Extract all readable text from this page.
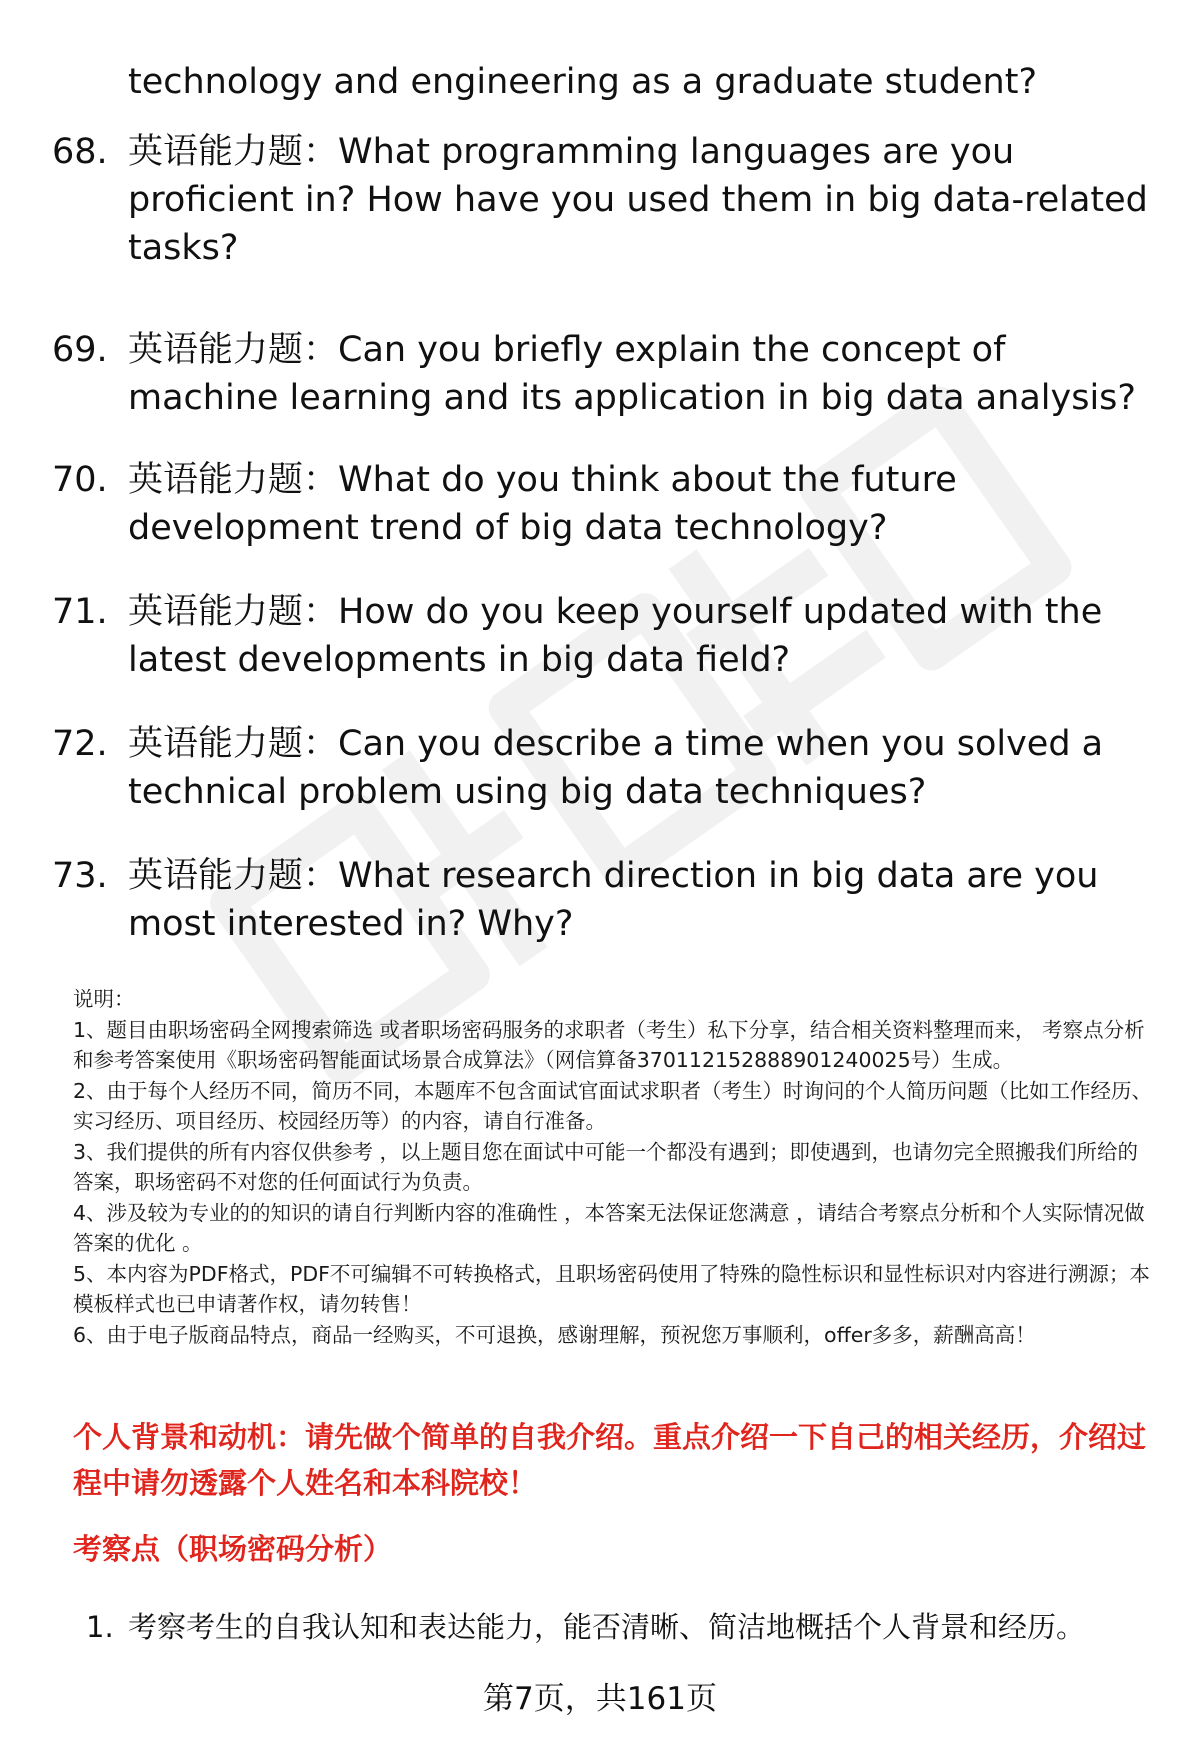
technology and engineering as a graduate student?

68. 英语能力题：What programming languages are you proficient in? How have you used them in big data-related tasks?
69. 英语能力题：Can you briefly explain the concept of machine learning and its application in big data analysis?
70. 英语能力题：What do you think about the future development trend of big data technology?
71. 英语能力题：How do you keep yourself updated with the latest developments in big data field?
72. 英语能力题：Can you describe a time when you solved a technical problem using big data techniques?
73. 英语能力题：What research direction in big data are you most interested in? Why?

说明：

1、题目由职场密码全网搜索筛选 或者职场密码服务的求职者（考生）私下分享，结合相关资料整理而来， 考察点分析和参考答案使用《职场密码智能面试场景合成算法》（网信算备370112152888901240025号）生成。

2、由于每个人经历不同，简历不同，本题库不包含面试官面试求职者（考生）时询问的个人简历问题（比如工作经历、实习经历、项目经历、校园经历等）的内容，请自行准备。

3、我们提供的所有内容仅供参考 ，以上题目您在面试中可能一个都没有遇到；即使遇到，也请勿完全照搬我们所给的答案，职场密码不对您的任何面试行为负责。

4、涉及较为专业的的知识的请自行判断内容的准确性 ，本答案无法保证您满意 ，请结合考察点分析和个人实际情况做答案的优化 。

5、本内容为PDF格式，PDF不可编辑不可转换格式，且职场密码使用了特殊的隐性标识和显性标识对内容进行溯源；本模板样式也已申请著作权，请勿转售！

6、由于电子版商品特点，商品一经购买，不可退换，感谢理解，预祝您万事顺利，offer多多，薪酬高高！

个人背景和动机：请先做个简单的自我介绍。重点介绍一下自己的相关经历，介绍过程中请勿透露个人姓名和本科院校！

考察点（职场密码分析）

1. 考察考生的自我认知和表达能力，能否清晰、简洁地概括个人背景和经历。
第7页，共161页
